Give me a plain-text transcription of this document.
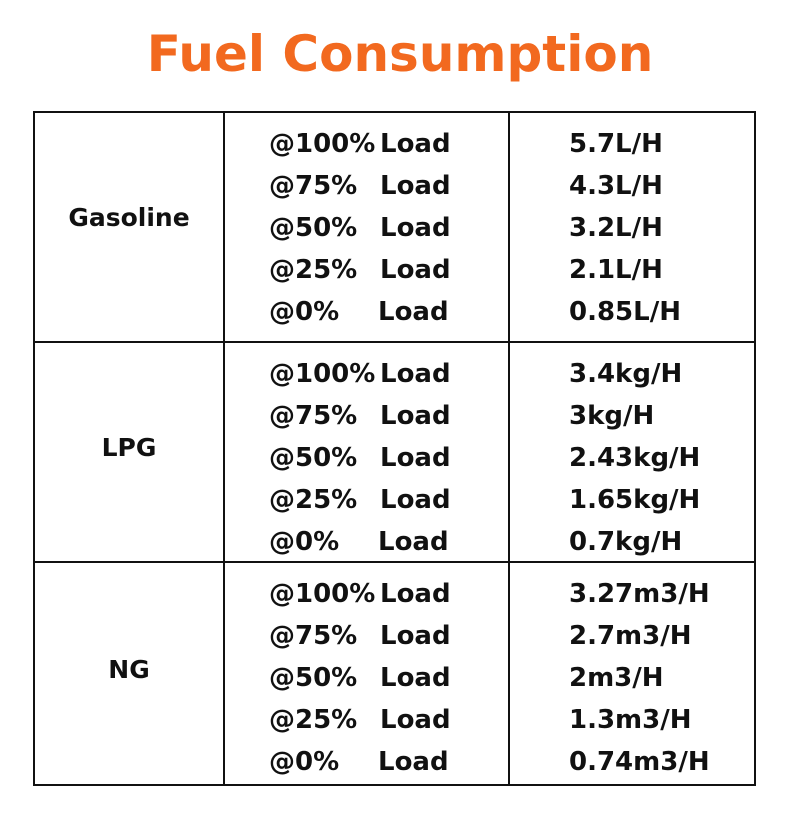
Fuel Consumption
Gasoline
@100% Load	5.7L/H
@75% Load	4.3L/H
@50% Load	3.2L/H
@25% Load	2.1L/H
@0% Load	0.85L/H
LPG
@100% Load	3.4kg/H
@75% Load	3kg/H
@50% Load	2.43kg/H
@25% Load	1.65kg/H
@0% Load	0.7kg/H
NG
@100% Load	3.27m3/H
@75% Load	2.7m3/H
@50% Load	2m3/H
@25% Load	1.3m3/H
@0% Load	0.74m3/H
